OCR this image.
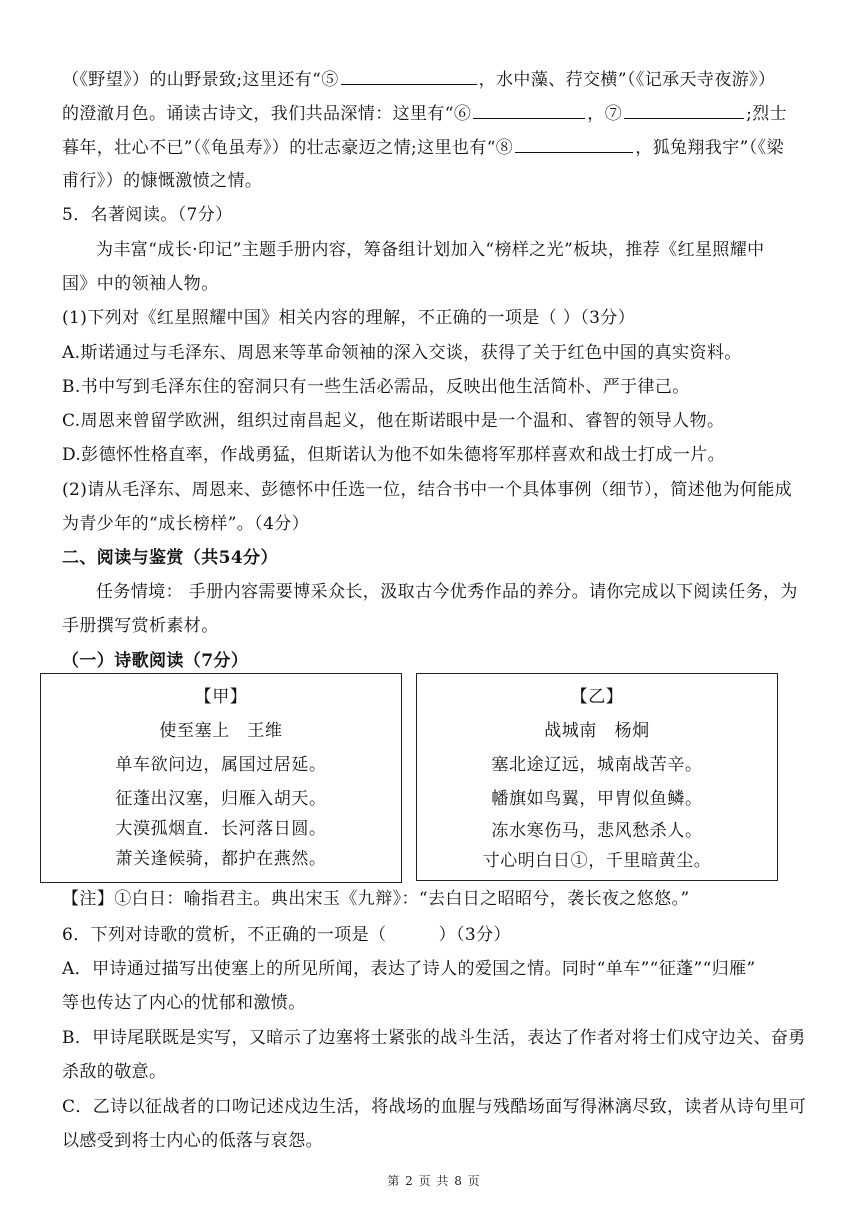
（《野望》）的山野景致;这里还有“⑤	，水中藻、荇交横”（《记承天寺夜游》）
的澄澈月色。诵读古诗文，我们共品深情：这里有“⑥	，⑦	;烈士
暮年，壮心不已”（《龟虽寿》）的壮志豪迈之情;这里也有“⑧	，狐兔翔我宇”（《梁
甫行》）的慷慨激愤之情。
5．名著阅读。（7分）
为丰富“成长·印记”主题手册内容，筹备组计划加入“榜样之光”板块，推荐《红星照耀中
国》中的领袖人物。
(1)下列对《红星照耀中国》相关内容的理解，不正确的一项是（ ）（3分）
A.斯诺通过与毛泽东、周恩来等革命领袖的深入交谈，获得了关于红色中国的真实资料。
B.书中写到毛泽东住的窑洞只有一些生活必需品，反映出他生活简朴、严于律己。
C.周恩来曾留学欧洲，组织过南昌起义，他在斯诺眼中是一个温和、睿智的领导人物。
D.彭德怀性格直率，作战勇猛，但斯诺认为他不如朱德将军那样喜欢和战士打成一片。
(2)请从毛泽东、周恩来、彭德怀中任选一位，结合书中一个具体事例（细节），简述他为何能成
为青少年的“成长榜样”。（4分）
二、阅读与鉴赏（共54分）
任务情境： 手册内容需要博采众长，汲取古今优秀作品的养分。请你完成以下阅读任务，为
手册撰写赏析素材。
（一）诗歌阅读（7分）
【甲】
使至塞上　王维
单车欲问边，属国过居延。
征蓬出汉塞，归雁入胡天。
大漠孤烟直．长河落日圆。
萧关逢候骑，都护在燕然。
【乙】
战城南　杨炯
塞北途辽远，城南战苦辛。
幡旗如鸟翼，甲胄似鱼鳞。
冻水寒伤马，悲风愁杀人。
寸心明白日①，千里暗黄尘。
【注】①白日：喻指君主。典出宋玉《九辩》：“去白日之昭昭兮，袭长夜之悠悠。”
6．下列对诗歌的赏析，不正确的一项是（　　　）（3分）
A．甲诗通过描写出使塞上的所见所闻，表达了诗人的爱国之情。同时“单车”“征蓬”“归雁”
等也传达了内心的忧郁和激愤。
B．甲诗尾联既是实写，又暗示了边塞将士紧张的战斗生活，表达了作者对将士们戍守边关、奋勇
杀敌的敬意。
C．乙诗以征战者的口吻记述戍边生活，将战场的血腥与残酷场面写得淋漓尽致，读者从诗句里可
以感受到将士内心的低落与哀怨。
第 2 页 共 8 页
